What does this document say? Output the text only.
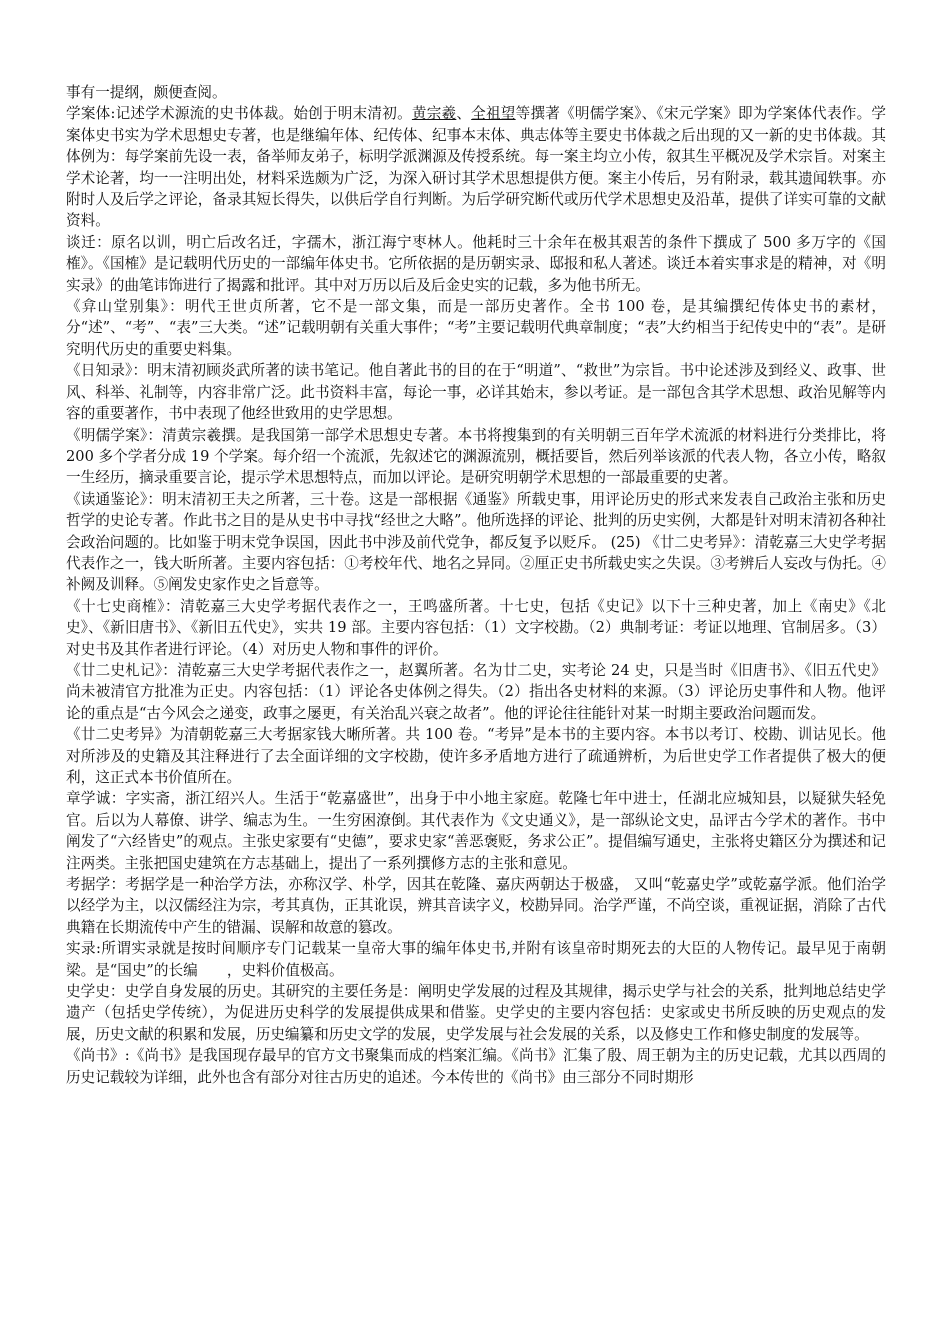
事有一提纲，颇便查阅。

学案体:记述学术源流的史书体裁。始创于明末清初。黄宗羲、全祖望等撰著《明儒学案》、《宋元学案》即为学案体代表作。学案体史书实为学术思想史专著，也是继编年体、纪传体、纪事本末体、典志体等主要史书体裁之后出现的又一新的史书体裁。其体例为：每学案前先设一表，备举师友弟子，标明学派渊源及传授系统。每一案主均立小传，叙其生平概况及学术宗旨。对案主学术论著，均一一注明出处，材料采选颇为广泛，为深入研讨其学术思想提供方便。案主小传后，另有附录，载其遗闻轶事。亦附时人及后学之评论，备录其短长得失，以供后学自行判断。为后学研究断代或历代学术思想史及沿革，提供了详实可靠的文献资料。

谈迁：原名以训，明亡后改名迁，字孺木，浙江海宁枣林人。他耗时三十余年在极其艰苦的条件下撰成了 500 多万字的《国榷》。《国榷》是记载明代历史的一部编年体史书。它所依据的是历朝实录、邸报和私人著述。谈迁本着实事求是的精神，对《明实录》的曲笔讳饰进行了揭露和批评。其中对万历以后及后金史实的记载，多为他书所无。

《弇山堂别集》：明代王世贞所著，它不是一部文集，而是一部历史著作。全书 100 卷，是其编撰纪传体史书的素材，分“述”、“考”、“表”三大类。“述”记载明朝有关重大事件；“考”主要记载明代典章制度；“表”大约相当于纪传史中的“表”。是研究明代历史的重要史料集。

《日知录》：明末清初顾炎武所著的读书笔记。他自著此书的目的在于“明道”、“救世”为宗旨。书中论述涉及到经义、政事、世风、科举、礼制等，内容非常广泛。此书资料丰富，每论一事，必详其始末，参以考证。是一部包含其学术思想、政治见解等内容的重要著作，书中表现了他经世致用的史学思想。

《明儒学案》：清黄宗羲撰。是我国第一部学术思想史专著。本书将搜集到的有关明朝三百年学术流派的材料进行分类排比，将 200 多个学者分成 19 个学案。每介绍一个流派，先叙述它的渊源流别，概括要旨，然后列举该派的代表人物，各立小传，略叙一生经历，摘录重要言论，提示学术思想特点，而加以评论。是研究明朝学术思想的一部最重要的史著。

《读通鉴论》：明末清初王夫之所著，三十卷。这是一部根据《通鉴》所载史事，用评论历史的形式来发表自己政治主张和历史哲学的史论专著。作此书之目的是从史书中寻找“经世之大略”。他所选择的评论、批判的历史实例，大都是针对明末清初各种社会政治问题的。比如鉴于明末党争误国，因此书中涉及前代党争，都反复予以贬斥。 (25) 《廿二史考异》：清乾嘉三大史学考据代表作之一，钱大昕所著。主要内容包括：①考校年代、地名之异同。②厘正史书所载史实之失误。③考辨后人妄改与伪托。④补阙及训释。⑤阐发史家作史之旨意等。

《十七史商榷》：清乾嘉三大史学考据代表作之一，王鸣盛所著。十七史，包括《史记》以下十三种史著，加上《南史》《北史》、《新旧唐书》、《新旧五代史》，实共 19 部。主要内容包括：（1）文字校勘。（2）典制考证：考证以地理、官制居多。（3）对史书及其作者进行评论。（4）对历史人物和事件的评价。

《廿二史札记》：清乾嘉三大史学考据代表作之一，赵翼所著。名为廿二史，实考论 24 史，只是当时《旧唐书》、《旧五代史》尚未被清官方批准为正史。内容包括：（1）评论各史体例之得失。（2）指出各史材料的来源。（3）评论历史事件和人物。他评论的重点是“古今风会之递变，政事之屡更，有关治乱兴衰之故者”。他的评论往往能针对某一时期主要政治问题而发。

《廿二史考异》为清朝乾嘉三大考据家钱大晰所著。共 100 卷。“考异”是本书的主要内容。本书以考订、校勘、训诂见长。他对所涉及的史籍及其注释进行了去全面详细的文字校勘，使许多矛盾地方进行了疏通辨析，为后世史学工作者提供了极大的便利，这正式本书价值所在。

章学诚：字实斋，浙江绍兴人。生活于“乾嘉盛世”，出身于中小地主家庭。乾隆七年中进士，任湖北应城知县，以疑狱失轻免官。后以为人幕僚、讲学、编志为生。一生穷困潦倒。其代表作为《文史通义》，是一部纵论文史，品评古今学术的著作。书中阐发了“六经皆史”的观点。主张史家要有“史德”，要求史家“善恶褒贬，务求公正”。提倡编写通史，主张将史籍区分为撰述和记注两类。主张把国史建筑在方志基础上，提出了一系列撰修方志的主张和意见。

考据学：考据学是一种治学方法，亦称汉学、朴学，因其在乾隆、嘉庆两朝达于极盛， 又叫“乾嘉史学”或乾嘉学派。他们治学以经学为主，以汉儒经注为宗，考其真伪，正其讹误，辨其音读字义，校勘异同。治学严谨，不尚空谈，重视证据，消除了古代典籍在长期流传中产生的错漏、误解和故意的篡改。

实录:所谓实录就是按时间顺序专门记载某一皇帝大事的编年体史书,并附有该皇帝时期死去的大臣的人物传记。最早见于南朝梁。是“国史”的长编　　，史料价值极高。

史学史：史学自身发展的历史。其研究的主要任务是：阐明史学发展的过程及其规律，揭示史学与社会的关系，批判地总结史学遗产（包括史学传统），为促进历史科学的发展提供成果和借鉴。史学史的主要内容包括：史家或史书所反映的历史观点的发展，历史文献的积累和发展，历史编纂和历史文学的发展，史学发展与社会发展的关系，以及修史工作和修史制度的发展等。

《尚书》:《尚书》是我国现存最早的官方文书聚集而成的档案汇编。《尚书》汇集了殷、周王朝为主的历史记载，尤其以西周的历史记载较为详细，此外也含有部分对往古历史的追述。今本传世的《尚书》由三部分不同时期形
